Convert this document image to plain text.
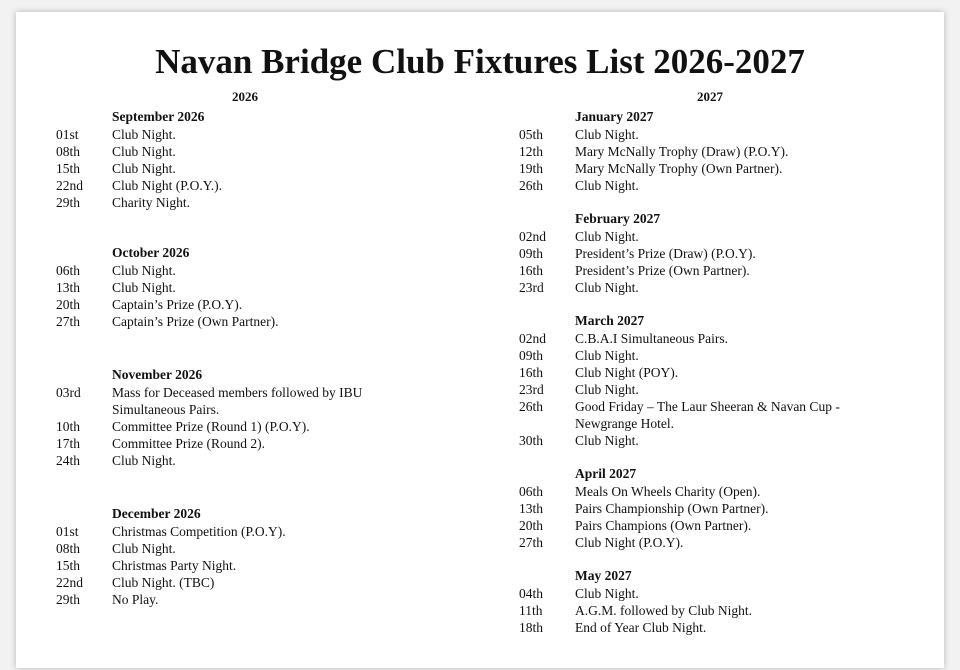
Navan Bridge Club Fixtures List 2026-2027
2026	2027
September 2026
01st	Club Night.
08th	Club Night.
15th	Club Night.
22nd	Club Night (P.O.Y.).
29th	Charity Night.
October 2026
06th	Club Night.
13th	Club Night.
20th	Captain’s Prize (P.O.Y).
27th	Captain’s Prize (Own Partner).
November 2026
03rd	Mass for Deceased members followed by IBU Simultaneous Pairs.
10th	Committee Prize (Round 1) (P.O.Y).
17th	Committee Prize (Round 2).
24th	Club Night.
December 2026
01st	Christmas Competition (P.O.Y).
08th	Club Night.
15th	Christmas Party Night.
22nd	Club Night. (TBC)
29th	No Play.
January 2027
05th	Club Night.
12th	Mary McNally Trophy (Draw) (P.O.Y).
19th	Mary McNally Trophy (Own Partner).
26th	Club Night.
February 2027
02nd	Club Night.
09th	President’s Prize (Draw) (P.O.Y).
16th	President’s Prize (Own Partner).
23rd	Club Night.
March 2027
02nd	C.B.A.I Simultaneous Pairs.
09th	Club Night.
16th	Club Night (POY).
23rd	Club Night.
26th	Good Friday – The Laur Sheeran & Navan Cup - Newgrange Hotel.
30th	Club Night.
April 2027
06th	Meals On Wheels Charity (Open).
13th	Pairs Championship (Own Partner).
20th	Pairs Champions (Own Partner).
27th	Club Night (P.O.Y).
May 2027
04th	Club Night.
11th	A.G.M. followed by Club Night.
18th	End of Year Club Night.
